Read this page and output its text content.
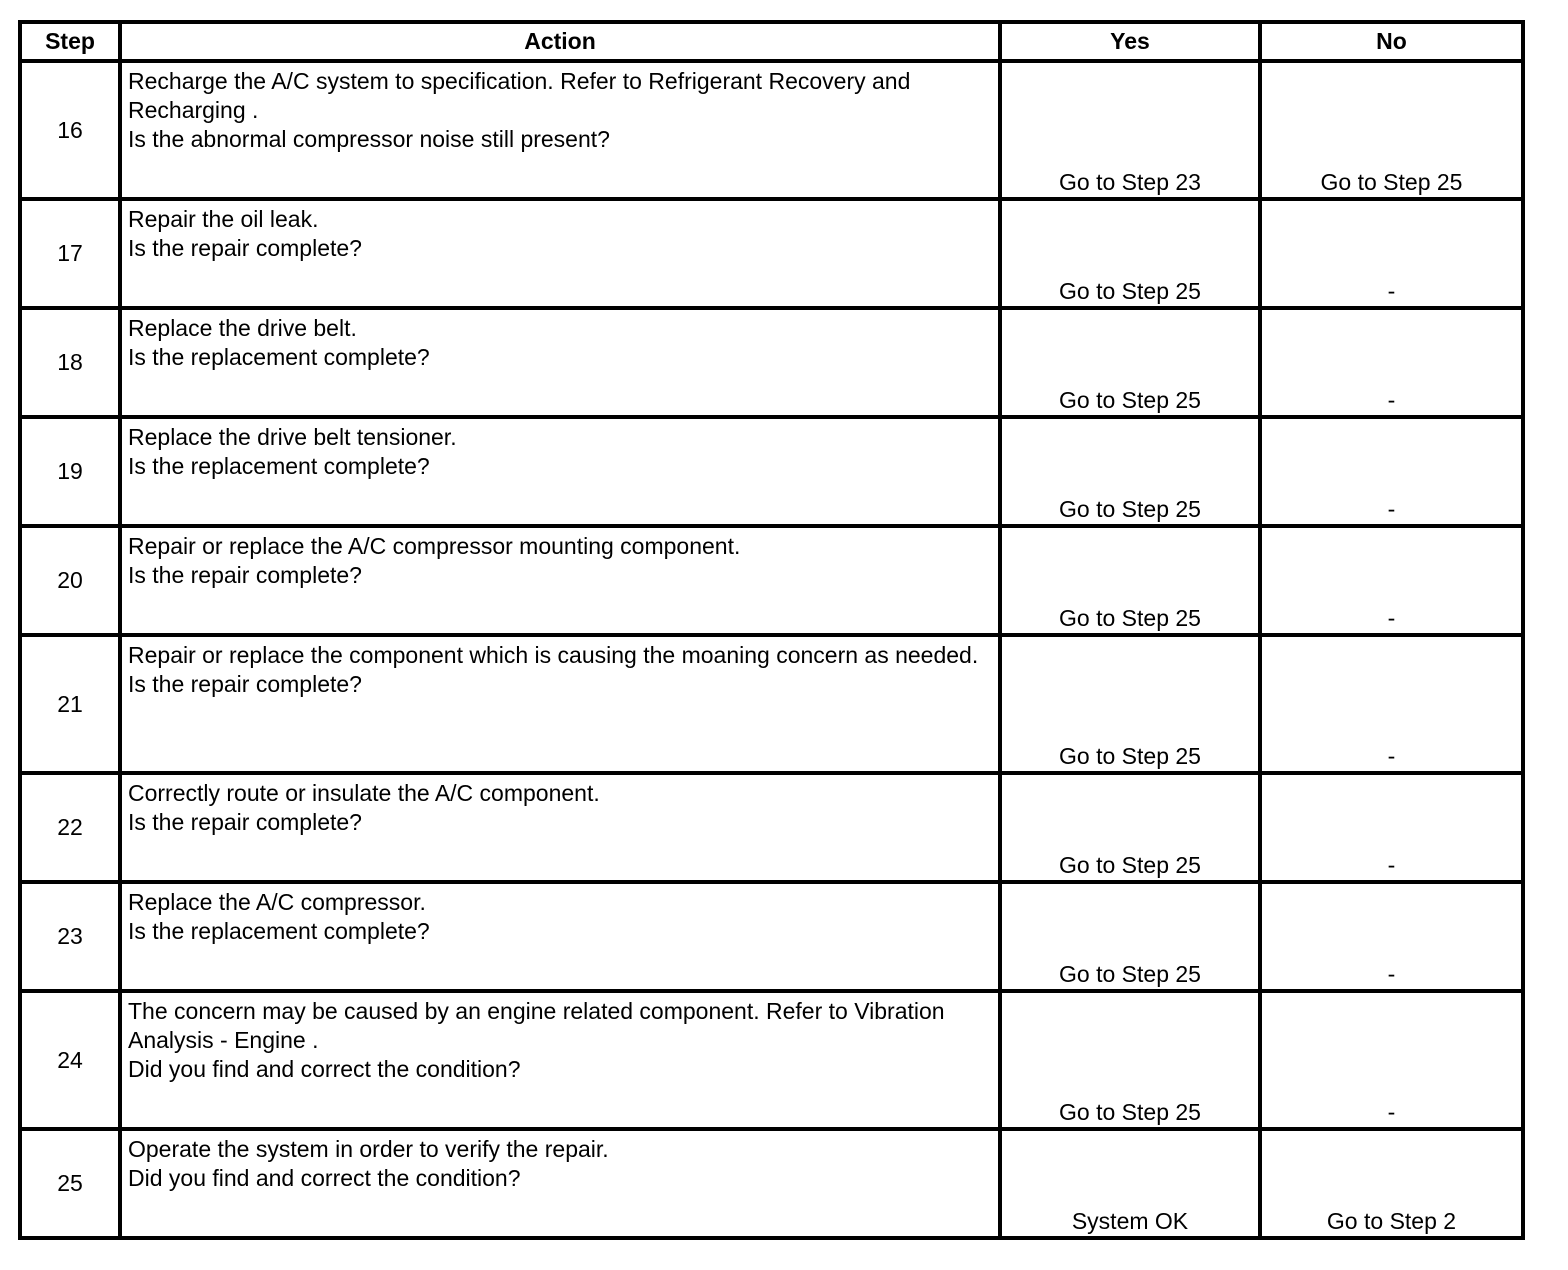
Step	Action	Yes	No
16	Recharge the A/C system to specification. Refer to Refrigerant Recovery and Recharging .
Is the abnormal compressor noise still present?	Go to Step 23	Go to Step 25
17	Repair the oil leak.
Is the repair complete?	Go to Step 25	-
18	Replace the drive belt.
Is the replacement complete?	Go to Step 25	-
19	Replace the drive belt tensioner.
Is the replacement complete?	Go to Step 25	-
20	Repair or replace the A/C compressor mounting component.
Is the repair complete?	Go to Step 25	-
21	Repair or replace the component which is causing the moaning concern as needed.
Is the repair complete?	Go to Step 25	-
22	Correctly route or insulate the A/C component.
Is the repair complete?	Go to Step 25	-
23	Replace the A/C compressor.
Is the replacement complete?	Go to Step 25	-
24	The concern may be caused by an engine related component. Refer to Vibration Analysis - Engine .
Did you find and correct the condition?	Go to Step 25	-
25	Operate the system in order to verify the repair.
Did you find and correct the condition?	System OK	Go to Step 2
